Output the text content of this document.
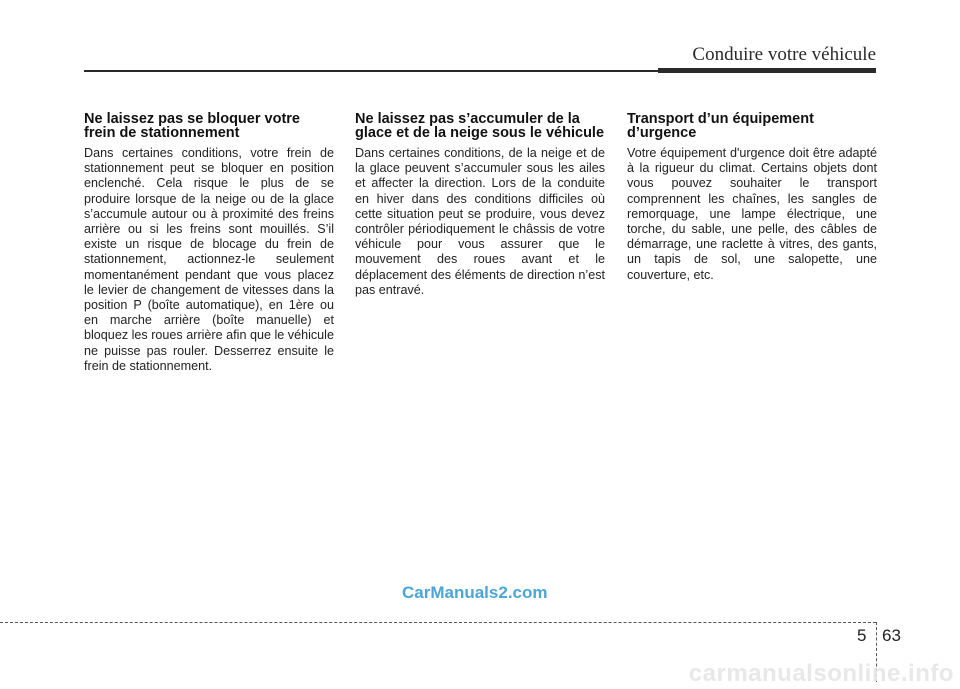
Conduire votre véhicule
Ne laissez pas se bloquer votre frein de stationnement

Dans certaines conditions, votre frein de stationnement peut se bloquer en position enclenché. Cela risque le plus de se produire lorsque de la neige ou de la glace s’accumule autour ou à proximité des freins arrière ou si les freins sont mouillés. S’il existe un risque de blocage du frein de stationnement, actionnez-le seulement momentanément pendant que vous placez le levier de changement de vitesses dans la position P (boîte automatique), en 1ère ou en marche arrière (boîte manuelle) et bloquez les roues arrière afin que le véhicule ne puisse pas rouler. Desserrez ensuite le frein de stationnement.

Ne laissez pas s’accumuler de la glace et de la neige sous le véhicule

Dans certaines conditions, de la neige et de la glace peuvent s’accumuler sous les ailes et affecter la direction. Lors de la conduite en hiver dans des conditions difficiles où cette situation peut se produire, vous devez contrôler périodiquement le châssis de votre véhicule pour vous assurer que le mouvement des roues avant et le déplacement des éléments de direction n’est pas entravé.

Transport d’un équipement d’urgence

Votre équipement d'urgence doit être adapté à la rigueur du climat. Certains objets dont vous pouvez souhaiter le transport comprennent les chaînes, les sangles de remorquage, une lampe électrique, une torche, du sable, une pelle, des câbles de démarrage, une raclette à vitres, des gants, un tapis de sol, une salopette, une couverture, etc.

CarManuals2.com
5 63
carmanualsonline.info
